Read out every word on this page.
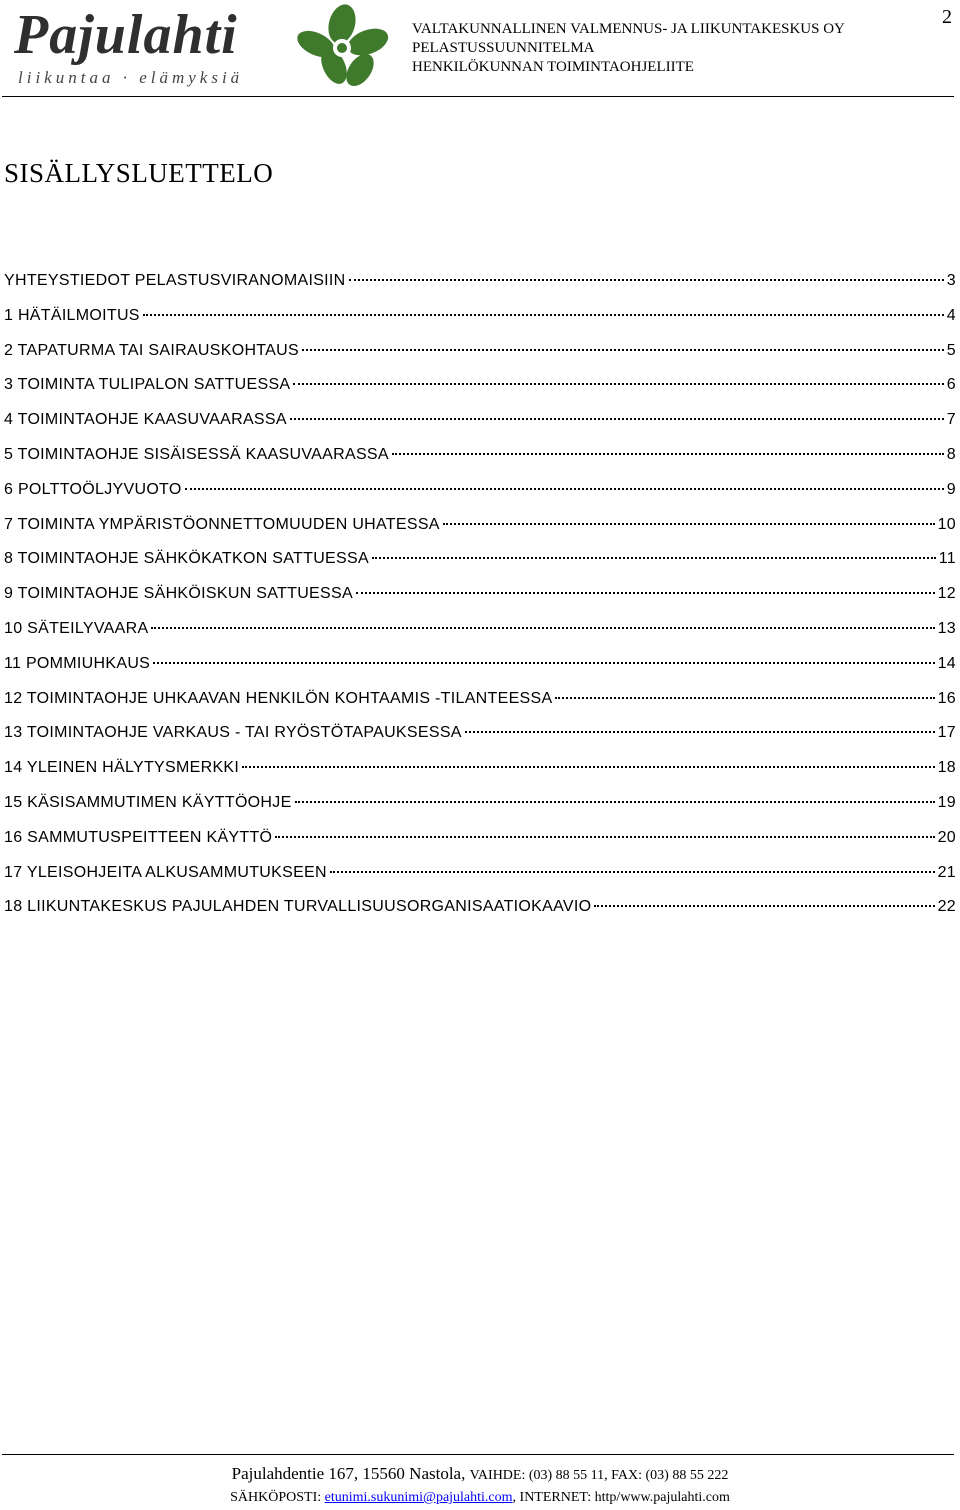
Pajulahti
liikuntaa · elämyksiä
VALTAKUNNALLINEN VALMENNUS- JA LIIKUNTAKESKUS OY
PELASTUSSUUNNITELMA
HENKILÖKUNNAN TOIMINTAOHJELIITE
2
SISÄLLYSLUETTELO
YHTEYSTIEDOT PELASTUSVIRANOMAISIIN	3
1 HÄTÄILMOITUS	4
2 TAPATURMA TAI SAIRAUSKOHTAUS	5
3 TOIMINTA TULIPALON SATTUESSA	6
4 TOIMINTAOHJE KAASUVAARASSA	7
5 TOIMINTAOHJE SISÄISESSÄ KAASUVAARASSA	8
6 POLTTOÖLJYVUOTO	9
7 TOIMINTA YMPÄRISTÖONNETTOMUUDEN UHATESSA	10
8 TOIMINTAOHJE SÄHKÖKATKON SATTUESSA	11
9 TOIMINTAOHJE SÄHKÖISKUN SATTUESSA	12
10 SÄTEILYVAARA	13
11 POMMIUHKAUS	14
12 TOIMINTAOHJE UHKAAVAN HENKILÖN KOHTAAMIS -TILANTEESSA	16
13 TOIMINTAOHJE VARKAUS - TAI RYÖSTÖTAPAUKSESSA	17
14 YLEINEN HÄLYTYSMERKKI	18
15 KÄSISAMMUTIMEN KÄYTTÖOHJE	19
16 SAMMUTUSPEITTEEN KÄYTTÖ	20
17 YLEISOHJEITA ALKUSAMMUTUKSEEN	21
18 LIIKUNTAKESKUS PAJULAHDEN TURVALLISUUSORGANISAATIOKAAVIO	22
Pajulahdentie 167, 15560 Nastola, VAIHDE: (03) 88 55 11, FAX: (03) 88 55 222
SÄHKÖPOSTI: etunimi.sukunimi@pajulahti.com, INTERNET: http/www.pajulahti.com
